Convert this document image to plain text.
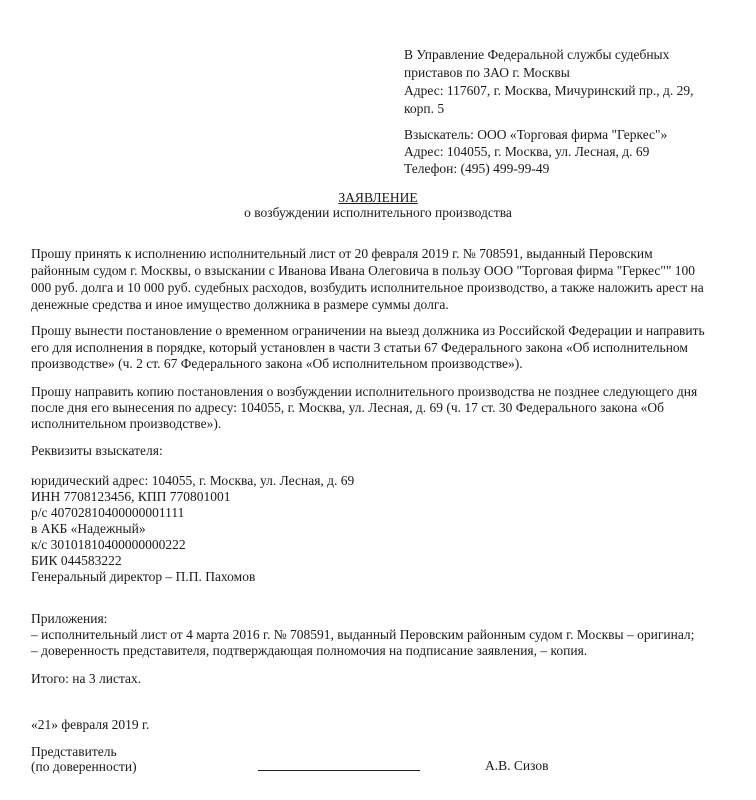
В Управление Федеральной службы судебных
приставов по ЗАО г. Москвы
Адрес: 117607, г. Москва, Мичуринский пр., д. 29,
корп. 5
Взыскатель: ООО «Торговая фирма "Геркес"»
Адрес: 104055, г. Москва, ул. Лесная, д. 69
Телефон: (495) 499-99-49
ЗАЯВЛЕНИЕ
о возбуждении исполнительного производства
Прошу принять к исполнению исполнительный лист от 20 февраля 2019 г. № 708591, выданный Перовским
районным судом г. Москвы, о взыскании с Иванова Ивана Олеговича в пользу ООО "Торговая фирма "Геркес"" 100
000 руб. долга и 10 000 руб. судебных расходов, возбудить исполнительное производство, а также наложить арест на
денежные средства и иное имущество должника в размере суммы долга.
Прошу вынести постановление о временном ограничении на выезд должника из Российской Федерации и направить
его для исполнения в порядке, который установлен в части 3 статьи 67 Федерального закона «Об исполнительном
производстве» (ч. 2 ст. 67 Федерального закона «Об исполнительном производстве»).
Прошу направить копию постановления о возбуждении исполнительного производства не позднее следующего дня
после дня его вынесения по адресу: 104055, г. Москва, ул. Лесная, д. 69 (ч. 17 ст. 30 Федерального закона «Об
исполнительном производстве»).
Реквизиты взыскателя:
юридический адрес: 104055, г. Москва, ул. Лесная, д. 69
ИНН 7708123456, КПП 770801001
р/с 40702810400000001111
в АКБ «Надежный»
к/с 30101810400000000222
БИК 044583222
Генеральный директор – П.П. Пахомов
Приложения:
– исполнительный лист от 4 марта 2016 г. № 708591, выданный Перовским районным судом г. Москвы – оригинал;
– доверенность представителя, подтверждающая полномочия на подписание заявления, – копия.
Итого: на 3 листах.
«21» февраля 2019 г.
Представитель
(по доверенности)	А.В. Сизов
